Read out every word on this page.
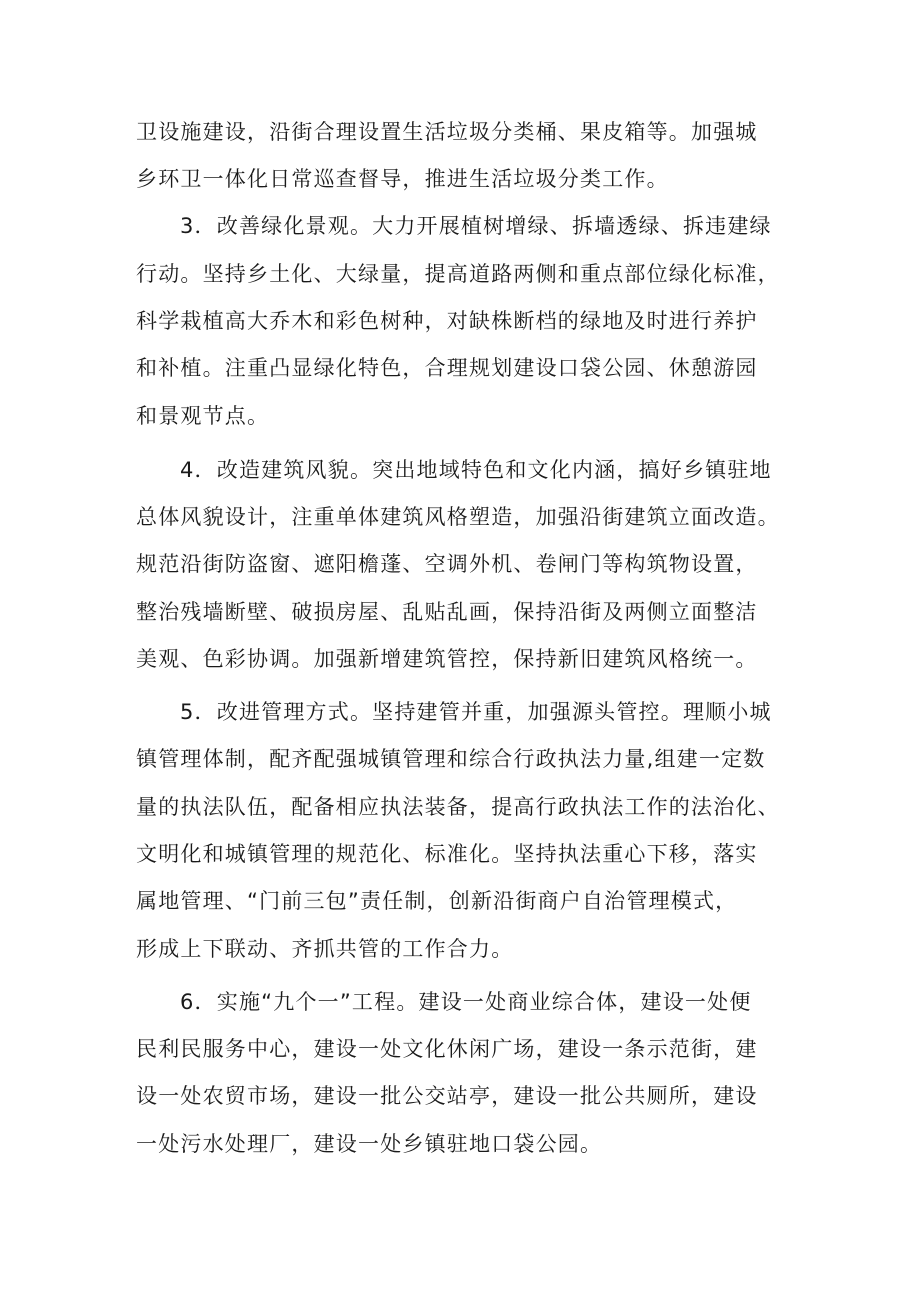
卫设施建设，沿街合理设置生活垃圾分类桶、果皮箱等。加强城
乡环卫一体化日常巡查督导，推进生活垃圾分类工作。
3．改善绿化景观。大力开展植树增绿、拆墙透绿、拆违建绿
行动。坚持乡土化、大绿量，提高道路两侧和重点部位绿化标准，
科学栽植高大乔木和彩色树种，对缺株断档的绿地及时进行养护
和补植。注重凸显绿化特色，合理规划建设口袋公园、休憩游园
和景观节点。
4．改造建筑风貌。突出地域特色和文化内涵，搞好乡镇驻地
总体风貌设计，注重单体建筑风格塑造，加强沿街建筑立面改造。
规范沿街防盗窗、遮阳檐蓬、空调外机、卷闸门等构筑物设置，
整治残墙断壁、破损房屋、乱贴乱画，保持沿街及两侧立面整洁
美观、色彩协调。加强新增建筑管控，保持新旧建筑风格统一。
5．改进管理方式。坚持建管并重，加强源头管控。理顺小城
镇管理体制，配齐配强城镇管理和综合行政执法力量,组建一定数
量的执法队伍，配备相应执法装备，提高行政执法工作的法治化、
文明化和城镇管理的规范化、标准化。坚持执法重心下移，落实
属地管理、“门前三包”责任制，创新沿街商户自治管理模式，
形成上下联动、齐抓共管的工作合力。
6．实施“九个一”工程。建设一处商业综合体，建设一处便
民利民服务中心，建设一处文化休闲广场，建设一条示范街，建
设一处农贸市场，建设一批公交站亭，建设一批公共厕所，建设
一处污水处理厂，建设一处乡镇驻地口袋公园。
